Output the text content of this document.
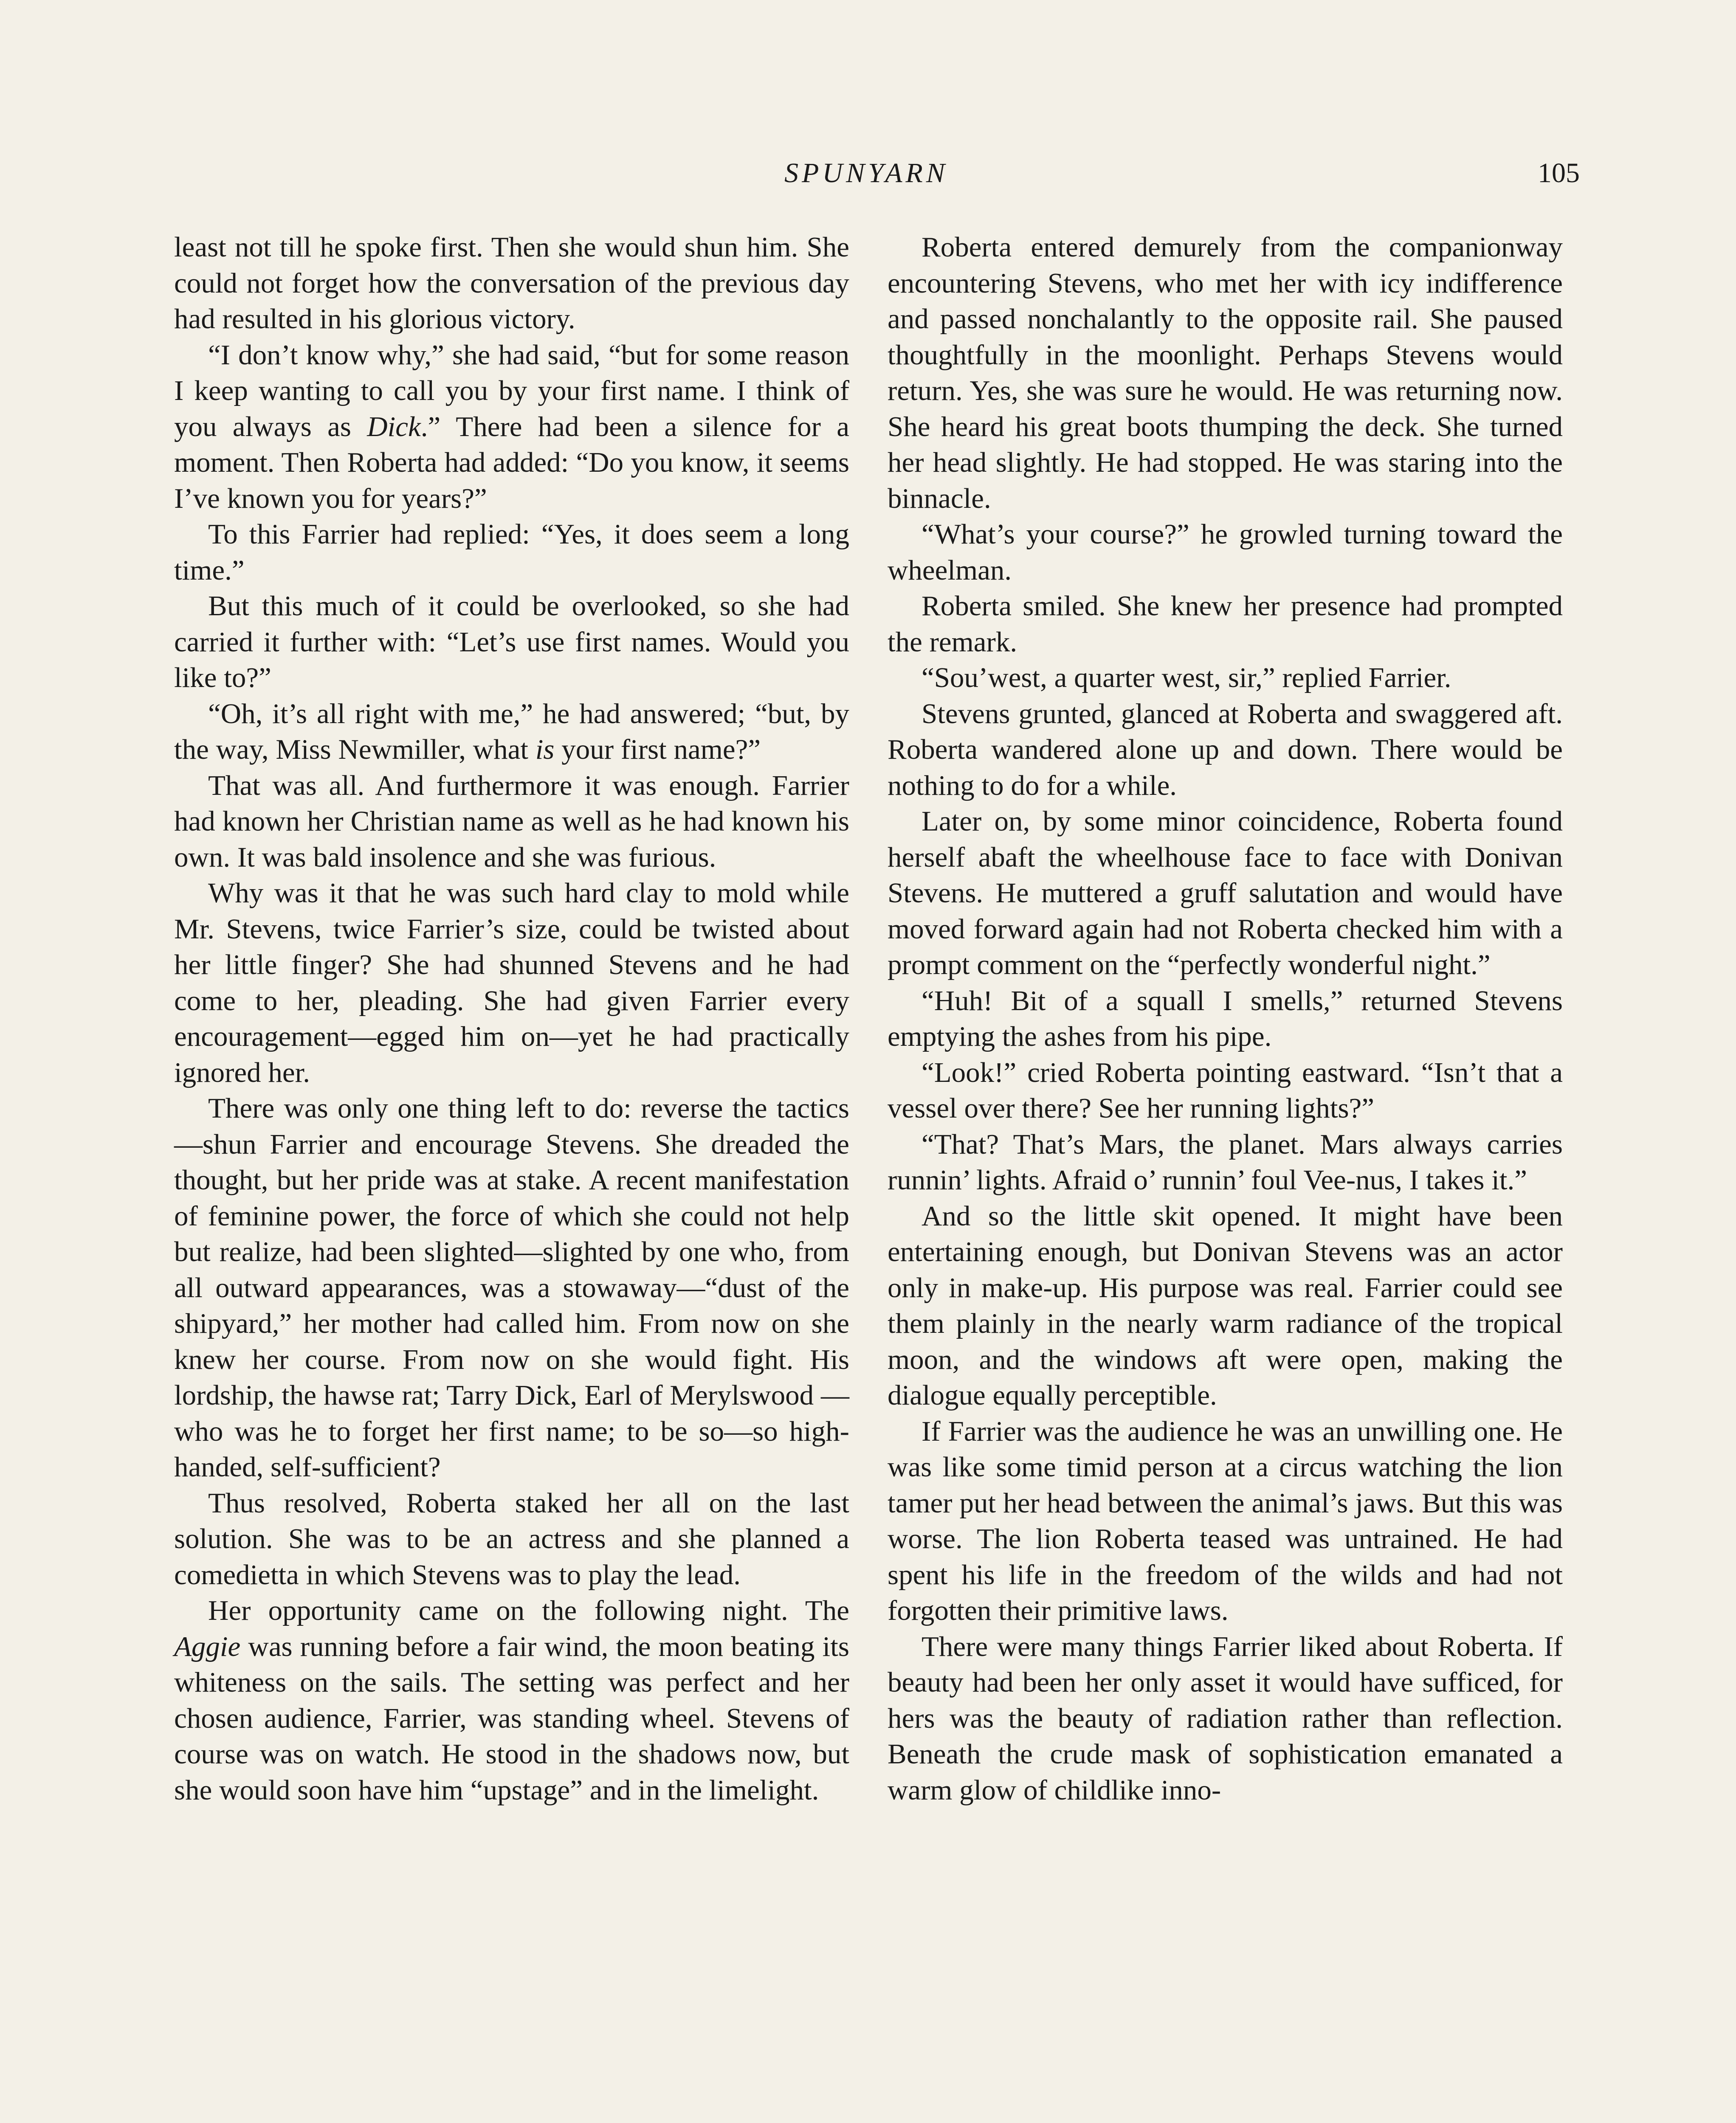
SPUNYARN	105

least not till he spoke first. Then she would shun him. She could not forget how the conversation of the previous day had resulted in his glorious victory.

“I don’t know why,” she had said, “but for some reason I keep wanting to call you by your first name. I think of you always as Dick.” There had been a silence for a moment. Then Roberta had added: “Do you know, it seems I’ve known you for years?”

To this Farrier had replied: “Yes, it does seem a long time.”

But this much of it could be overlooked, so she had carried it further with: “Let’s use first names. Would you like to?”

“Oh, it’s all right with me,” he had answered; “but, by the way, Miss Newmiller, what is your first name?”

That was all. And furthermore it was enough. Farrier had known her Christian name as well as he had known his own. It was bald insolence and she was furious.

Why was it that he was such hard clay to mold while Mr. Stevens, twice Farrier’s size, could be twisted about her little finger? She had shunned Stevens and he had come to her, pleading. She had given Farrier every encouragement—egged him on—yet he had practically ignored her.

There was only one thing left to do: reverse the tactics—shun Farrier and encourage Stevens. She dreaded the thought, but her pride was at stake. A recent manifestation of feminine power, the force of which she could not help but realize, had been slighted—slighted by one who, from all outward appearances, was a stowaway—“dust of the shipyard,” her mother had called him. From now on she knew her course. From now on she would fight. His lordship, the hawse rat; Tarry Dick, Earl of Merylswood —who was he to forget her first name; to be so—so high-handed, self-sufficient?

Thus resolved, Roberta staked her all on the last solution. She was to be an actress and she planned a comedietta in which Stevens was to play the lead.

Her opportunity came on the following night. The Aggie was running before a fair wind, the moon beating its whiteness on the sails. The setting was perfect and her chosen audience, Farrier, was standing wheel. Stevens of course was on watch. He stood in the shadows now, but she would soon have him “upstage” and in the limelight.

Roberta entered demurely from the companionway encountering Stevens, who met her with icy indifference and passed nonchalantly to the opposite rail. She paused thoughtfully in the moonlight. Perhaps Stevens would return. Yes, she was sure he would. He was returning now. She heard his great boots thumping the deck. She turned her head slightly. He had stopped. He was staring into the binnacle.

“What’s your course?” he growled turning toward the wheelman.

Roberta smiled. She knew her presence had prompted the remark.

“Sou’west, a quarter west, sir,” replied Farrier.

Stevens grunted, glanced at Roberta and swaggered aft. Roberta wandered alone up and down. There would be nothing to do for a while.

Later on, by some minor coincidence, Roberta found herself abaft the wheelhouse face to face with Donivan Stevens. He muttered a gruff salutation and would have moved forward again had not Roberta checked him with a prompt comment on the “perfectly wonderful night.”

“Huh! Bit of a squall I smells,” returned Stevens emptying the ashes from his pipe.

“Look!” cried Roberta pointing eastward. “Isn’t that a vessel over there? See her running lights?”

“That? That’s Mars, the planet. Mars always carries runnin’ lights. Afraid o’ runnin’ foul Vee-nus, I takes it.”

And so the little skit opened. It might have been entertaining enough, but Donivan Stevens was an actor only in make-up. His purpose was real. Farrier could see them plainly in the nearly warm radiance of the tropical moon, and the windows aft were open, making the dialogue equally perceptible.

If Farrier was the audience he was an unwilling one. He was like some timid person at a circus watching the lion tamer put her head between the animal’s jaws. But this was worse. The lion Roberta teased was untrained. He had spent his life in the freedom of the wilds and had not forgotten their primitive laws.

There were many things Farrier liked about Roberta. If beauty had been her only asset it would have sufficed, for hers was the beauty of radiation rather than reflection. Beneath the crude mask of sophistication emanated a warm glow of childlike inno-
